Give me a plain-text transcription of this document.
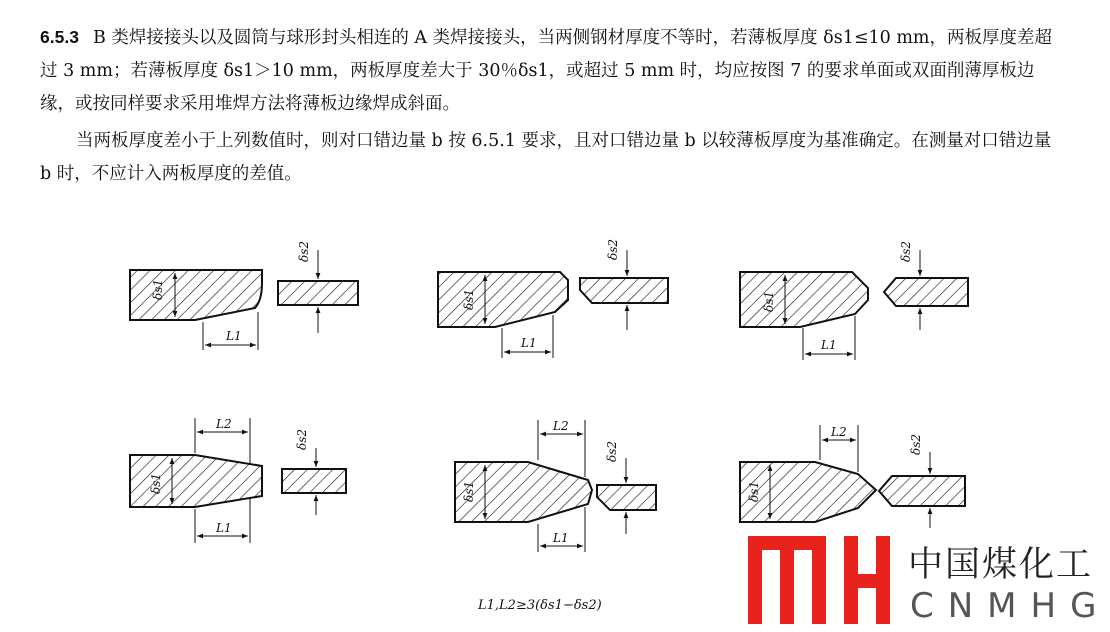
6.5.3 B 类焊接接头以及圆筒与球形封头相连的 A 类焊接接头，当两侧钢材厚度不等时，若薄板厚度 δs1≤10 mm，两板厚度差超过 3 mm；若薄板厚度 δs1＞10 mm，两板厚度差大于 30％δs1，或超过 5 mm 时，均应按图 7 的要求单面或双面削薄厚板边缘，或按同样要求采用堆焊方法将薄板边缘焊成斜面。
当两板厚度差小于上列数值时，则对口错边量 b 按 6.5.1 要求，且对口错边量 b 以较薄板厚度为基准确定。在测量对口错边量 b 时，不应计入两板厚度的差值。
δs1
δs2
L1
δs1
δs2
L1
δs1
δs2
L1
δs1
δs2
L2
L1
δs1
δs2
L2
L1
δs1
δs2
L2
L1,L2≥3(δs1−δs2)
中国煤化工
CNMHG
